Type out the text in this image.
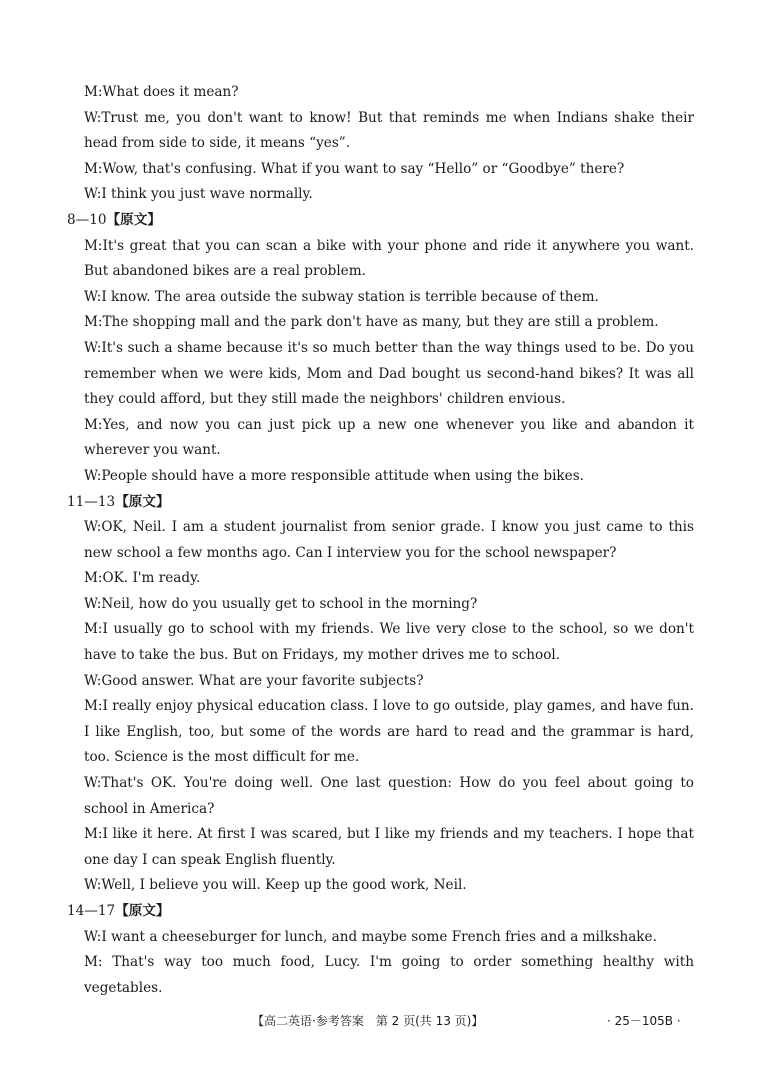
M:What does it mean?

W:Trust me, you don't want to know! But that reminds me when Indians shake their head from side to side, it means “yes”.

M:Wow, that's confusing. What if you want to say “Hello” or “Goodbye” there?

W:I think you just wave normally.

8—10【原文】

M:It's great that you can scan a bike with your phone and ride it anywhere you want. But abandoned bikes are a real problem.

W:I know. The area outside the subway station is terrible because of them.

M:The shopping mall and the park don't have as many, but they are still a problem.

W:It's such a shame because it's so much better than the way things used to be. Do you remember when we were kids, Mom and Dad bought us second-hand bikes? It was all they could afford, but they still made the neighbors' children envious.

M:Yes, and now you can just pick up a new one whenever you like and abandon it wherever you want.

W:People should have a more responsible attitude when using the bikes.

11—13【原文】

W:OK, Neil. I am a student journalist from senior grade. I know you just came to this new school a few months ago. Can I interview you for the school newspaper?

M:OK. I'm ready.

W:Neil, how do you usually get to school in the morning?

M:I usually go to school with my friends. We live very close to the school, so we don't have to take the bus. But on Fridays, my mother drives me to school.

W:Good answer. What are your favorite subjects?

M:I really enjoy physical education class. I love to go outside, play games, and have fun. I like English, too, but some of the words are hard to read and the grammar is hard, too. Science is the most difficult for me.

W:That's OK. You're doing well. One last question: How do you feel about going to school in America?

M:I like it here. At first I was scared, but I like my friends and my teachers. I hope that one day I can speak English fluently.

W:Well, I believe you will. Keep up the good work, Neil.

14—17【原文】

W:I want a cheeseburger for lunch, and maybe some French fries and a milkshake.

M: That's way too much food, Lucy. I'm going to order something healthy with vegetables.

【高二英语·参考答案　第 2 页(共 13 页)】	· 25－105B ·
